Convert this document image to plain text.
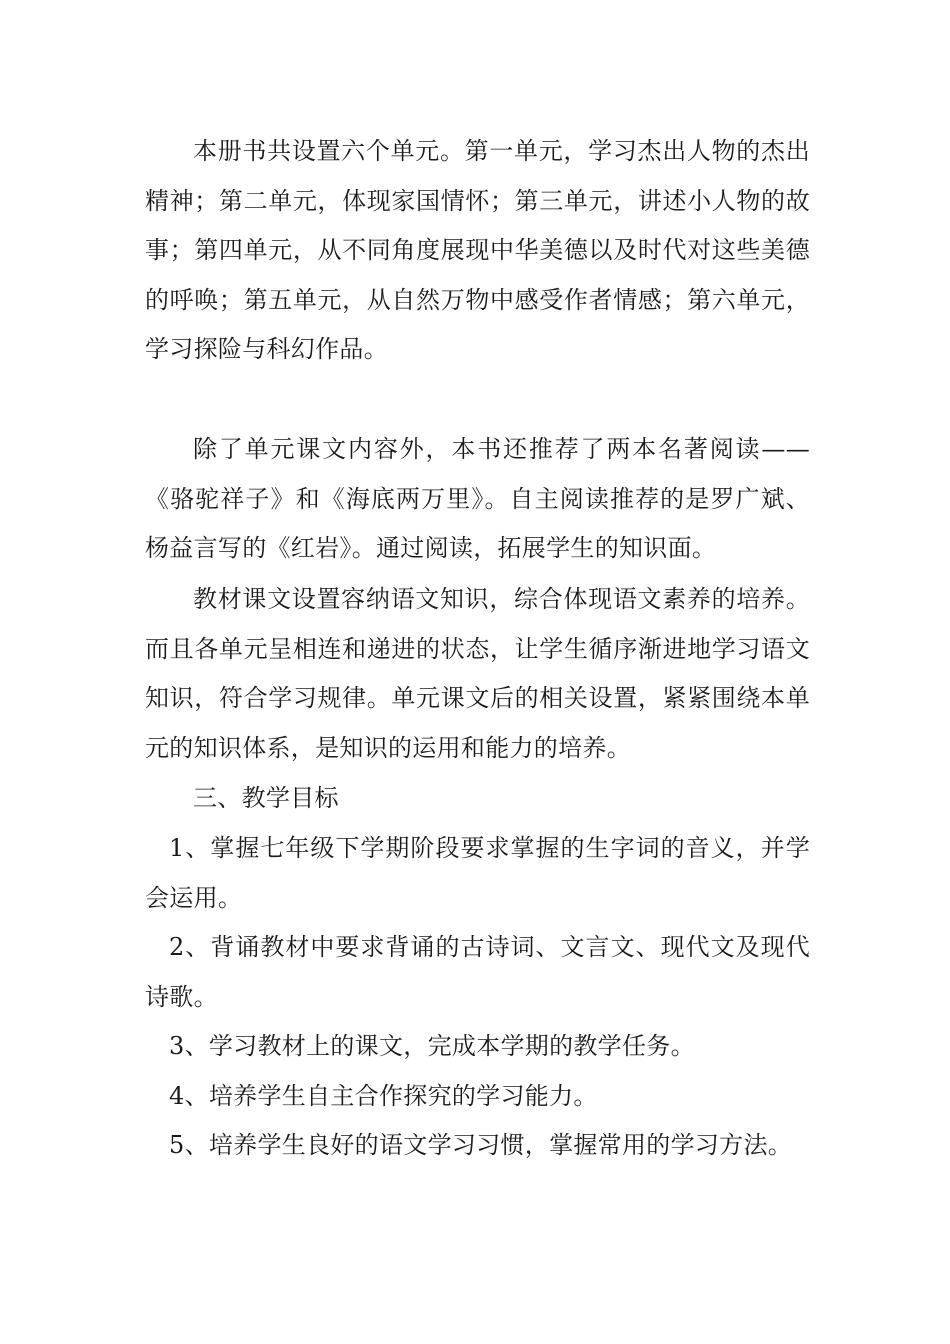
本册书共设置六个单元。第一单元，学习杰出人物的杰出精神；第二单元，体现家国情怀；第三单元，讲述小人物的故事；第四单元，从不同角度展现中华美德以及时代对这些美德的呼唤；第五单元，从自然万物中感受作者情感；第六单元，学习探险与科幻作品。

除了单元课文内容外，本书还推荐了两本名著阅读——《骆驼祥子》和《海底两万里》。自主阅读推荐的是罗广斌、杨益言写的《红岩》。通过阅读，拓展学生的知识面。

教材课文设置容纳语文知识，综合体现语文素养的培养。而且各单元呈相连和递进的状态，让学生循序渐进地学习语文知识，符合学习规律。单元课文后的相关设置，紧紧围绕本单元的知识体系，是知识的运用和能力的培养。

三、教学目标

1、掌握七年级下学期阶段要求掌握的生字词的音义，并学会运用。

2、背诵教材中要求背诵的古诗词、文言文、现代文及现代诗歌。

3、学习教材上的课文，完成本学期的教学任务。

4、培养学生自主合作探究的学习能力。

5、培养学生良好的语文学习习惯，掌握常用的学习方法。
